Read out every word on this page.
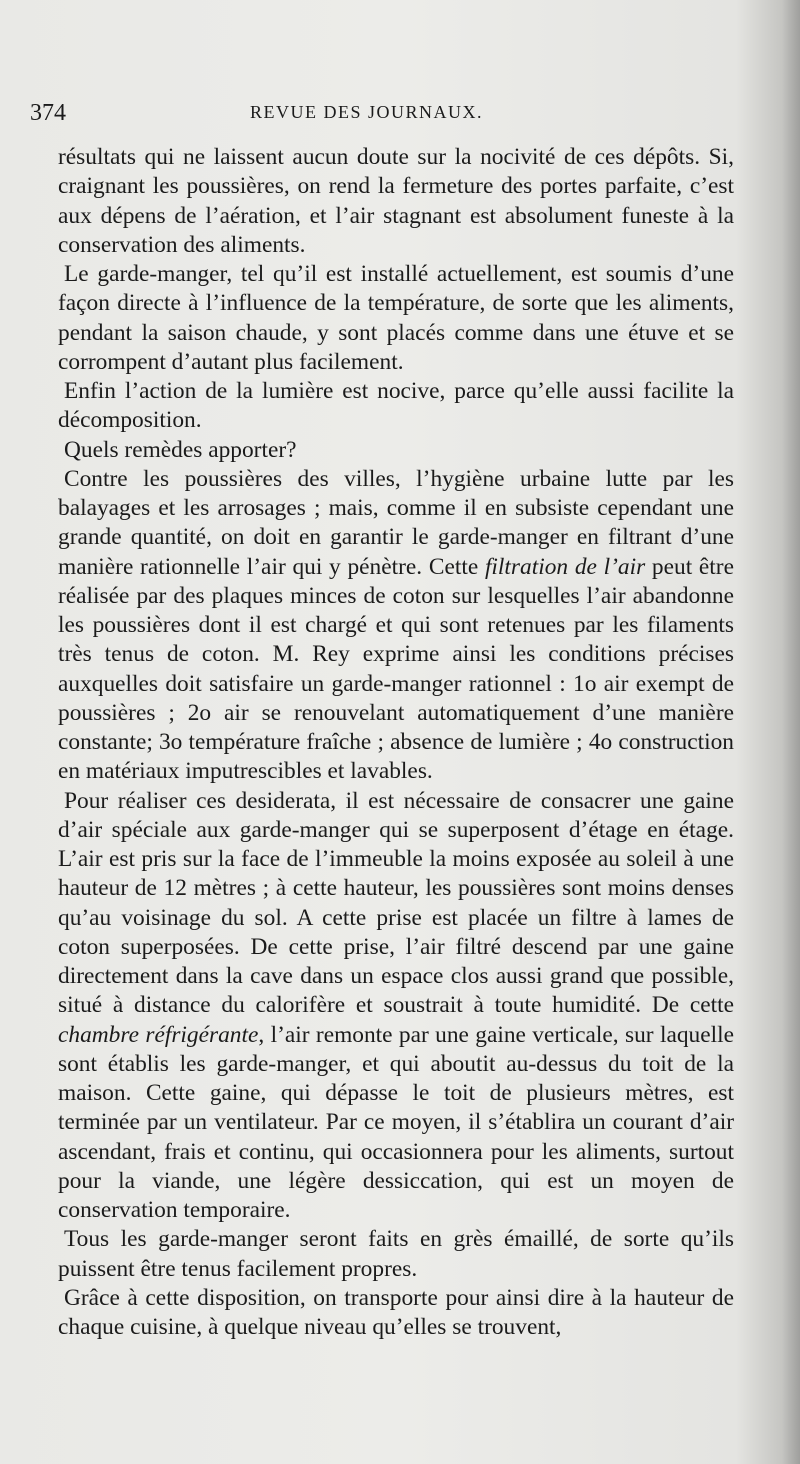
374	REVUE DES JOURNAUX.

résultats qui ne laissent aucun doute sur la nocivité de ces dépôts. Si, craignant les poussières, on rend la fermeture des portes parfaite, c’est aux dépens de l’aération, et l’air stagnant est absolument funeste à la conservation des aliments.

Le garde-manger, tel qu’il est installé actuellement, est soumis d’une façon directe à l’influence de la température, de sorte que les aliments, pendant la saison chaude, y sont placés comme dans une étuve et se corrompent d’autant plus facilement.

Enfin l’action de la lumière est nocive, parce qu’elle aussi facilite la décomposition.

Quels remèdes apporter?

Contre les poussières des villes, l’hygiène urbaine lutte par les balayages et les arrosages ; mais, comme il en subsiste cependant une grande quantité, on doit en garantir le garde-manger en filtrant d’une manière rationnelle l’air qui y pénètre. Cette filtration de l’air peut être réalisée par des plaques minces de coton sur lesquelles l’air abandonne les poussières dont il est chargé et qui sont retenues par les filaments très tenus de coton. M. Rey exprime ainsi les conditions précises auxquelles doit satisfaire un garde-manger rationnel : 1o air exempt de poussières ; 2o air se renouvelant automatiquement d’une manière constante; 3o température fraîche ; absence de lumière ; 4o construction en matériaux imputrescibles et lavables.

Pour réaliser ces desiderata, il est nécessaire de consacrer une gaine d’air spéciale aux garde-manger qui se superposent d’étage en étage. L’air est pris sur la face de l’immeuble la moins exposée au soleil à une hauteur de 12 mètres ; à cette hauteur, les poussières sont moins denses qu’au voisinage du sol. A cette prise est placée un filtre à lames de coton superposées. De cette prise, l’air filtré descend par une gaine directement dans la cave dans un espace clos aussi grand que possible, situé à distance du calorifère et soustrait à toute humidité. De cette chambre réfrigérante, l’air remonte par une gaine verticale, sur laquelle sont établis les garde-manger, et qui aboutit au-dessus du toit de la maison. Cette gaine, qui dépasse le toit de plusieurs mètres, est terminée par un ventilateur. Par ce moyen, il s’établira un courant d’air ascendant, frais et continu, qui occasionnera pour les aliments, surtout pour la viande, une légère dessiccation, qui est un moyen de conservation temporaire.

Tous les garde-manger seront faits en grès émaillé, de sorte qu’ils puissent être tenus facilement propres.

Grâce à cette disposition, on transporte pour ainsi dire à la hauteur de chaque cuisine, à quelque niveau qu’elles se trouvent,
